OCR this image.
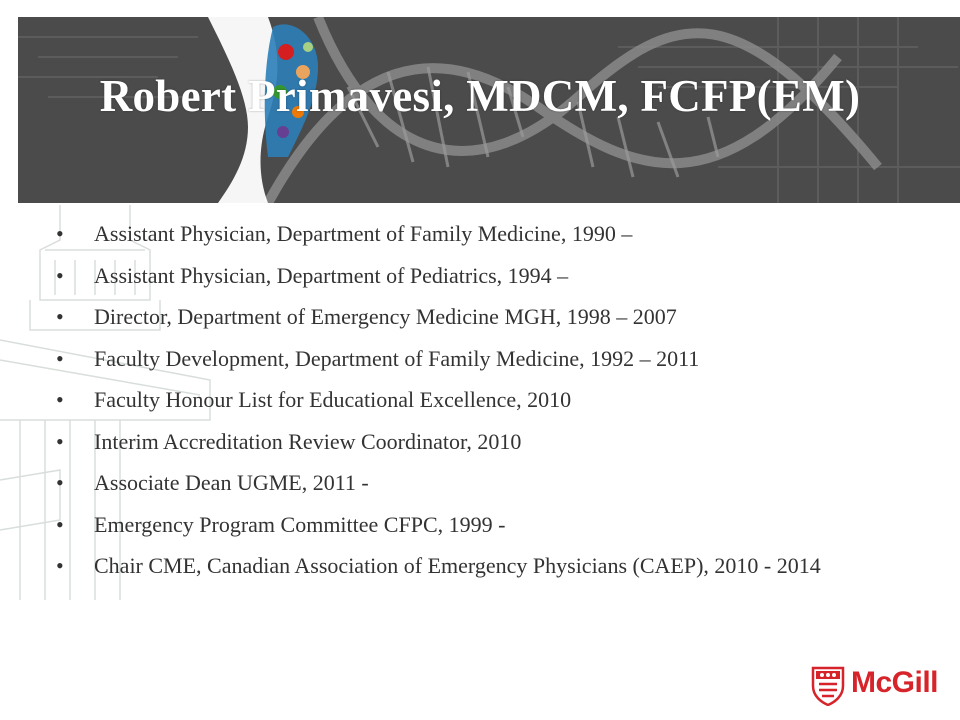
Robert Primavesi, MDCM, FCFP(EM)
• Assistant Physician, Department of Family Medicine, 1990 –
• Assistant Physician, Department of Pediatrics, 1994 –
• Director, Department of Emergency Medicine MGH, 1998 – 2007
• Faculty Development, Department of Family Medicine, 1992 – 2011
• Faculty Honour List for Educational Excellence, 2010
• Interim Accreditation Review Coordinator, 2010
• Associate Dean UGME, 2011 -
• Emergency Program Committee CFPC, 1999 -
• Chair CME, Canadian Association of Emergency Physicians (CAEP), 2010 - 2014
McGill
